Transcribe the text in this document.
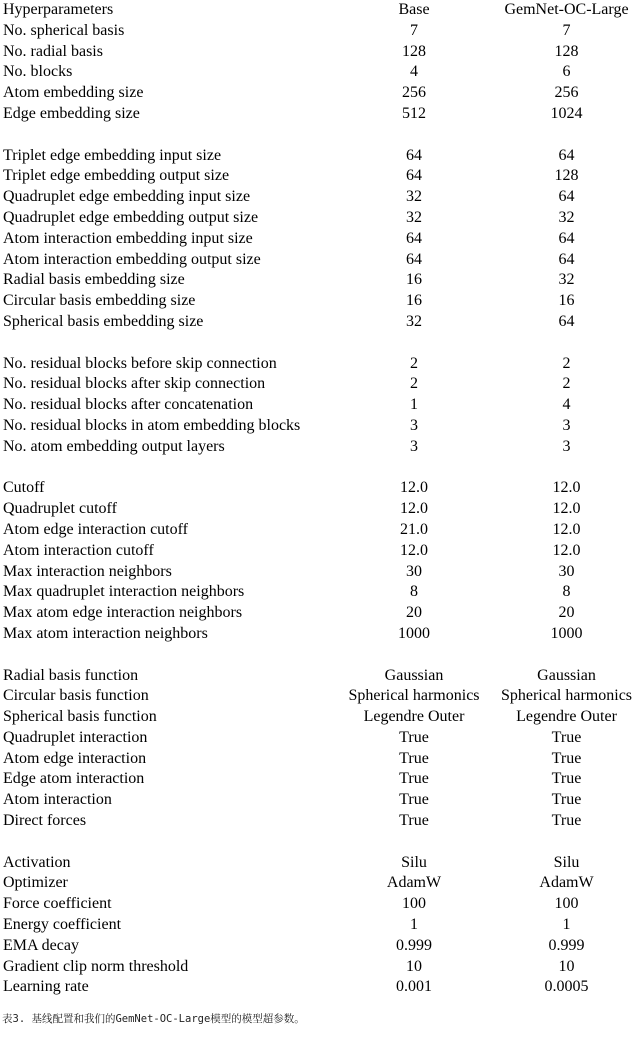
Hyperparameters	Base	GemNet-OC-Large
No. spherical basis	7	7
No. radial basis	128	128
No. blocks	4	6
Atom embedding size	256	256
Edge embedding size	512	1024

Triplet edge embedding input size	64	64
Triplet edge embedding output size	64	128
Quadruplet edge embedding input size	32	64
Quadruplet edge embedding output size	32	32
Atom interaction embedding input size	64	64
Atom interaction embedding output size	64	64
Radial basis embedding size	16	32
Circular basis embedding size	16	16
Spherical basis embedding size	32	64

No. residual blocks before skip connection	2	2
No. residual blocks after skip connection	2	2
No. residual blocks after concatenation	1	4
No. residual blocks in atom embedding blocks	3	3
No. atom embedding output layers	3	3

Cutoff	12.0	12.0
Quadruplet cutoff	12.0	12.0
Atom edge interaction cutoff	21.0	12.0
Atom interaction cutoff	12.0	12.0
Max interaction neighbors	30	30
Max quadruplet interaction neighbors	8	8
Max atom edge interaction neighbors	20	20
Max atom interaction neighbors	1000	1000

Radial basis function	Gaussian	Gaussian
Circular basis function	Spherical harmonics	Spherical harmonics
Spherical basis function	Legendre Outer	Legendre Outer
Quadruplet interaction	True	True
Atom edge interaction	True	True
Edge atom interaction	True	True
Atom interaction	True	True
Direct forces	True	True

Activation	Silu	Silu
Optimizer	AdamW	AdamW
Force coefficient	100	100
Energy coefficient	1	1
EMA decay	0.999	0.999
Gradient clip norm threshold	10	10
Learning rate	0.001	0.0005
表3. 基线配置和我们的GemNet-OC-Large模型的模型超参数。
